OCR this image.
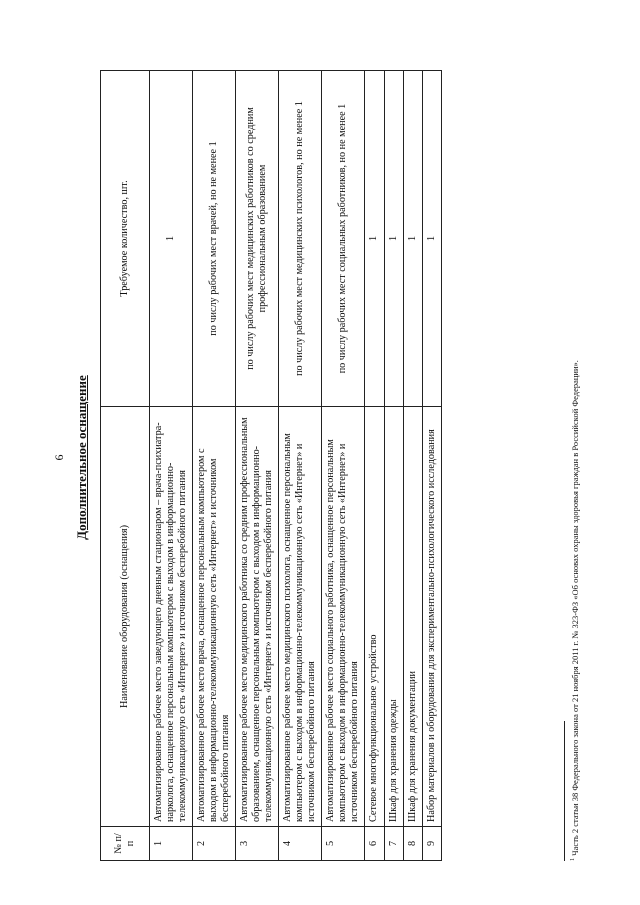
6 Дополнительное оснащение
№ п/п	Наименование оборудования (оснащения)	Требуемое количество, шт.
1	Автоматизированное рабочее место заведующего дневным стационаром – врача-психиатра-нарколога, оснащенное персональным компьютером с выходом в информационно-телекоммуникационную сеть «Интернет» и источником бесперебойного питания	1
2	Автоматизированное рабочее место врача, оснащенное персональным компьютером с выходом в информационно-телекоммуникационную сеть «Интернет» и источником бесперебойного питания	по числу рабочих мест врачей, но не менее 1
3	Автоматизированное рабочее место медицинского работника со средним профессиональным образованием, оснащенное персональным компьютером с выходом в информационно-телекоммуникационную сеть «Интернет» и источником бесперебойного питания	по числу рабочих мест медицинских работников со средним профессиональным образованием
4	Автоматизированное рабочее место медицинского психолога, оснащенное персональным компьютером с выходом в информационно-телекоммуникационную сеть «Интернет» и источником бесперебойного питания	по числу рабочих мест медицинских психологов, но не менее 1
5	Автоматизированное рабочее место социального работника, оснащенное персональным компьютером с выходом в информационно-телекоммуникационную сеть «Интернет» и источником бесперебойного питания	по числу рабочих мест социальных работников, но не менее 1
6	Сетевое многофункциональное устройство	1
7	Шкаф для хранения одежды	1
8	Шкаф для хранения документации	1
9	Набор материалов и оборудования для экспериментально-психологического исследования	1
$^1$ Часть 2 статьи 38 Федерального закона от 21 ноября 2011 г. № 323-ФЗ «Об основах охраны здоровья граждан в Российской Федерации».
